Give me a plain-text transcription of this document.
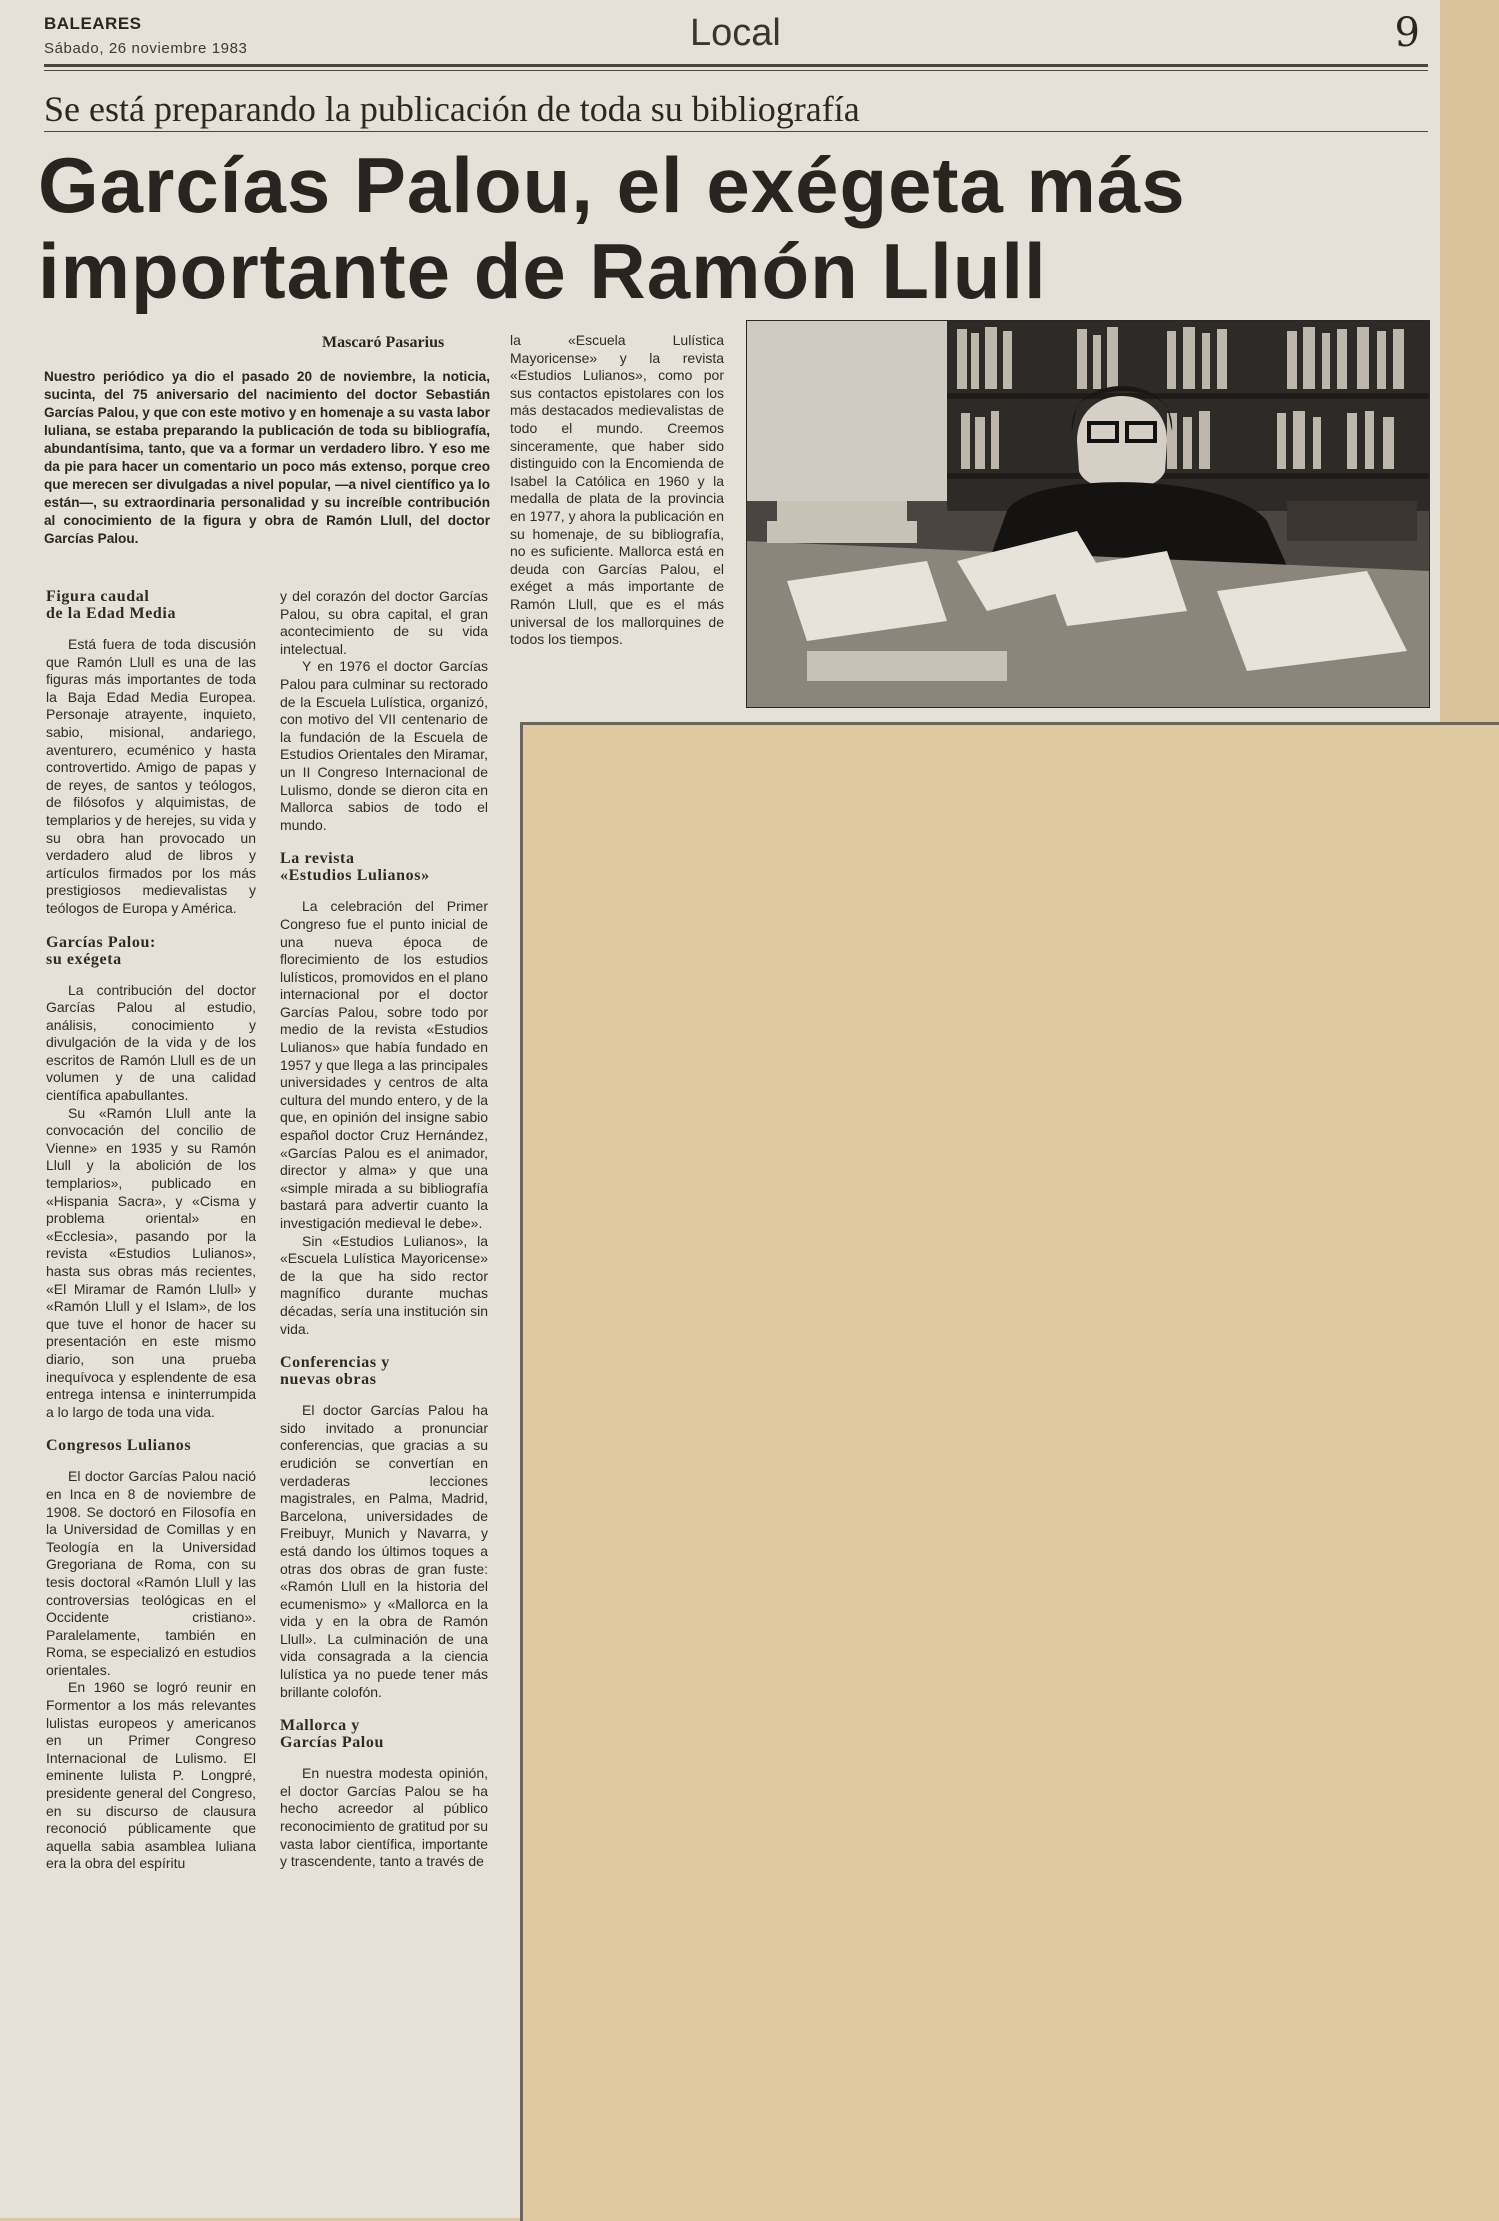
BALEARES
Sábado, 26 noviembre 1983	Local	9
Se está preparando la publicación de toda su bibliografía
Garcías Palou, el exégeta más
importante de Ramón Llull
Mascaró Pasarius

Nuestro periódico ya dio el pasado 20 de noviembre, la noticia, sucinta, del 75 aniversario del nacimiento del doctor Sebastián Garcías Palou, y que con este motivo y en homenaje a su vasta labor luliana, se estaba preparando la publicación de toda su bibliografía, abundantísima, tanto, que va a formar un verdadero libro. Y eso me da pie para hacer un comentario un poco más extenso, porque creo que merecen ser divulgadas a nivel popular, —a nivel científico ya lo están—, su extraordinaria personalidad y su increíble contribución al conocimiento de la figura y obra de Ramón Llull, del doctor Garcías Palou.

Figura caudal
de la Edad Media

Está fuera de toda discusión que Ramón Llull es una de las figuras más importantes de toda la Baja Edad Media Europea. Personaje atrayente, inquieto, sabio, misional, andariego, aventurero, ecuménico y hasta controvertido. Amigo de papas y de reyes, de santos y teólogos, de filósofos y alquimistas, de templarios y de herejes, su vida y su obra han provocado un verdadero alud de libros y artículos firmados por los más prestigiosos medievalistas y teólogos de Europa y América.

Garcías Palou:
su exégeta

La contribución del doctor Garcías Palou al estudio, análisis, conocimiento y divulgación de la vida y de los escritos de Ramón Llull es de un volumen y de una calidad científica apabullantes.

Su «Ramón Llull ante la convocación del concilio de Vienne» en 1935 y su Ramón Llull y la abolición de los templarios», publicado en «Hispania Sacra», y «Cisma y problema oriental» en «Ecclesia», pasando por la revista «Estudios Lulianos», hasta sus obras más recientes, «El Miramar de Ramón Llull» y «Ramón Llull y el Islam», de los que tuve el honor de hacer su presentación en este mismo diario, son una prueba inequívoca y esplendente de esa entrega intensa e ininterrumpida a lo largo de toda una vida.

Congresos Lulianos

El doctor Garcías Palou nació en Inca en 8 de noviembre de 1908. Se doctoró en Filosofía en la Universidad de Comillas y en Teología en la Universidad Gregoriana de Roma, con su tesis doctoral «Ramón Llull y las controversias teológicas en el Occidente cristiano». Paralelamente, también en Roma, se especializó en estudios orientales.

En 1960 se logró reunir en Formentor a los más relevantes lulistas europeos y americanos en un Primer Congreso Internacional de Lulismo. El eminente lulista P. Longpré, presidente general del Congreso, en su discurso de clausura reconoció públicamente que aquella sabia asamblea luliana era la obra del espíritu

y del corazón del doctor Garcías Palou, su obra capital, el gran acontecimiento de su vida intelectual.

Y en 1976 el doctor Garcías Palou para culminar su rectorado de la Escuela Lulística, organizó, con motivo del VII centenario de la fundación de la Escuela de Estudios Orientales den Miramar, un II Congreso Internacional de Lulismo, donde se dieron cita en Mallorca sabios de todo el mundo.

La revista
«Estudios Lulianos»

La celebración del Primer Congreso fue el punto inicial de una nueva época de florecimiento de los estudios lulísticos, promovidos en el plano internacional por el doctor Garcías Palou, sobre todo por medio de la revista «Estudios Lulianos» que había fundado en 1957 y que llega a las principales universidades y centros de alta cultura del mundo entero, y de la que, en opinión del insigne sabio español doctor Cruz Hernández, «Garcías Palou es el animador, director y alma» y que una «simple mirada a su bibliografía bastará para advertir cuanto la investigación medieval le debe».

Sin «Estudios Lulianos», la «Escuela Lulística Mayoricense» de la que ha sido rector magnífico durante muchas décadas, sería una institución sin vida.

Conferencias y
nuevas obras

El doctor Garcías Palou ha sido invitado a pronunciar conferencias, que gracias a su erudición se convertían en verdaderas lecciones magistrales, en Palma, Madrid, Barcelona, universidades de Freibuyr, Munich y Navarra, y está dando los últimos toques a otras dos obras de gran fuste: «Ramón Llull en la historia del ecumenismo» y «Mallorca en la vida y en la obra de Ramón Llull». La culminación de una vida consagrada a la ciencia lulística ya no puede tener más brillante colofón.

Mallorca y
Garcías Palou

En nuestra modesta opinión, el doctor Garcías Palou se ha hecho acreedor al público reconocimiento de gratitud por su vasta labor científica, importante y trascendente, tanto a través de

la «Escuela Lulística Mayoricense» y la revista «Estudios Lulianos», como por sus contactos epistolares con los más destacados medievalistas de todo el mundo. Creemos sinceramente, que haber sido distinguido con la Encomienda de Isabel la Católica en 1960 y la medalla de plata de la provincia en 1977, y ahora la publicación en su homenaje, de su bibliografía, no es suficiente. Mallorca está en deuda con Garcías Palou, el exéget a más importante de Ramón Llull, que es el más universal de los mallorquines de todos los tiempos.
